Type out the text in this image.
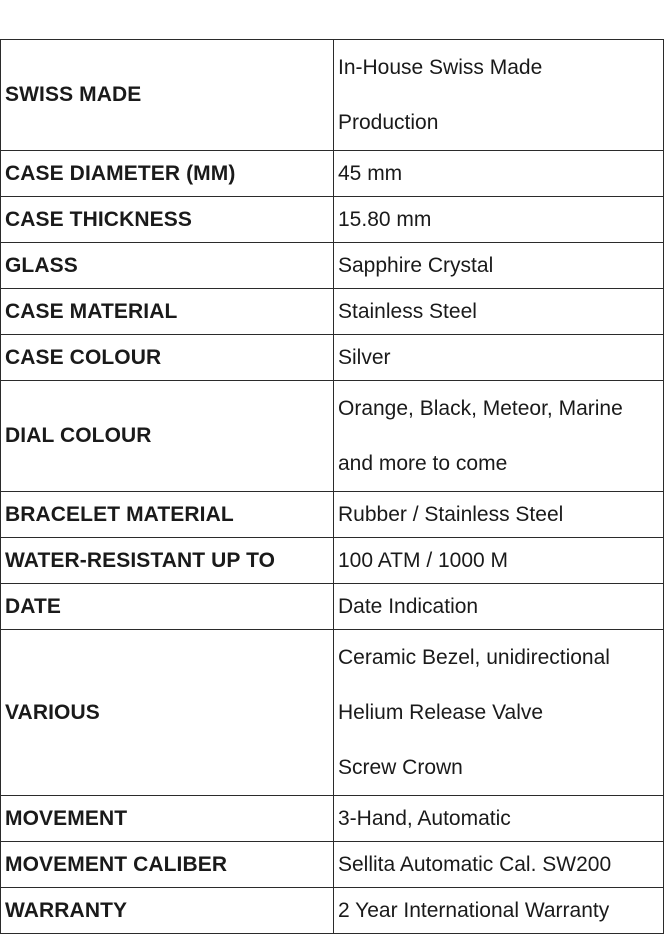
SWISS MADE	In-House Swiss Made
Production

CASE DIAMETER (MM)	45 mm

CASE THICKNESS	15.80 mm

GLASS	Sapphire Crystal

CASE MATERIAL	Stainless Steel

CASE COLOUR	Silver

DIAL COLOUR	Orange, Black, Meteor, Marine
and more to come

BRACELET MATERIAL	Rubber / Stainless Steel

WATER-RESISTANT UP TO	100 ATM / 1000 M

DATE	Date Indication

VARIOUS	Ceramic Bezel, unidirectional
Helium Release Valve
Screw Crown

MOVEMENT	3-Hand, Automatic

MOVEMENT CALIBER	Sellita Automatic Cal. SW200

WARRANTY	2 Year International Warranty
